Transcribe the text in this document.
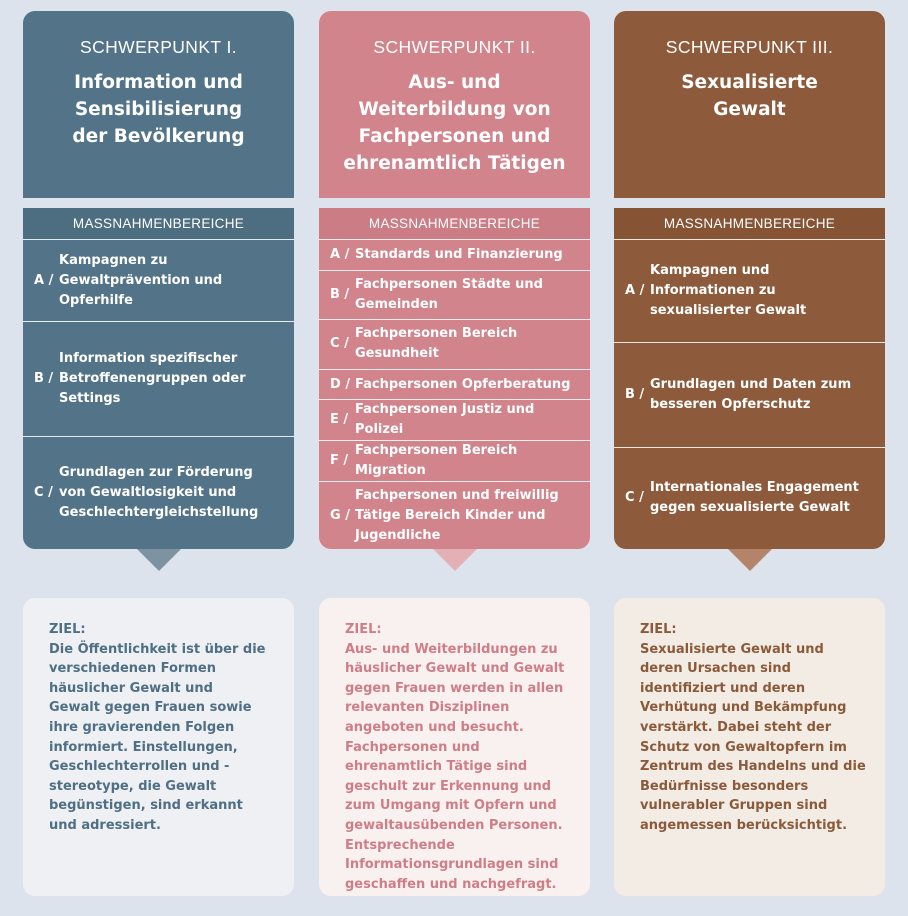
SCHWERPUNKT I.
Information und Sensibilisierung der Bevölkerung
MASSNAHMENBEREICHE
A /
Kampagnen zu Gewaltprävention und Opferhilfe
B /
Information spezifischer Betroffenengruppen oder Settings
C /
Grundlagen zur Förderung von Gewaltlosigkeit und Geschlechtergleichstellung
SCHWERPUNKT II.
Aus- und Weiterbildung von Fachpersonen und ehrenamtlich Tätigen
MASSNAHMENBEREICHE
A / Standards und Finanzierung
B /
Fachpersonen Städte und Gemeinden
C /
Fachpersonen Bereich Gesundheit
D / Fachpersonen Opferberatung
E /
Fachpersonen Justiz und Polizei
F /
Fachpersonen Bereich Migration
G /
Fachpersonen und freiwillig Tätige Bereich Kinder und Jugendliche
SCHWERPUNKT III.
Sexualisierte Gewalt
MASSNAHMENBEREICHE
A /
Kampagnen und Informationen zu sexualisierter Gewalt
B /
Grundlagen und Daten zum besseren Opferschutz
C /
Internationales Engagement gegen sexualisierte Gewalt
ZIEL:
Die Öffentlichkeit ist über die verschiedenen Formen häuslicher Gewalt und Gewalt gegen Frauen sowie ihre gravierenden Folgen informiert. Einstellungen, Geschlechterrollen und -stereotype, die Gewalt begünstigen, sind erkannt und adressiert.
ZIEL:
Aus- und Weiterbildungen zu häuslicher Gewalt und Gewalt gegen Frauen werden in allen relevanten Disziplinen angeboten und besucht. Fachpersonen und ehrenamtlich Tätige sind geschult zur Erkennung und zum Umgang mit Opfern und gewaltausübenden Personen. Entsprechende Informationsgrundlagen sind geschaffen und nachgefragt.
ZIEL:
Sexualisierte Gewalt und deren Ursachen sind identifiziert und deren Verhütung und Bekämpfung verstärkt. Dabei steht der Schutz von Gewaltopfern im Zentrum des Handelns und die Bedürfnisse besonders vulnerabler Gruppen sind angemessen berücksichtigt.
